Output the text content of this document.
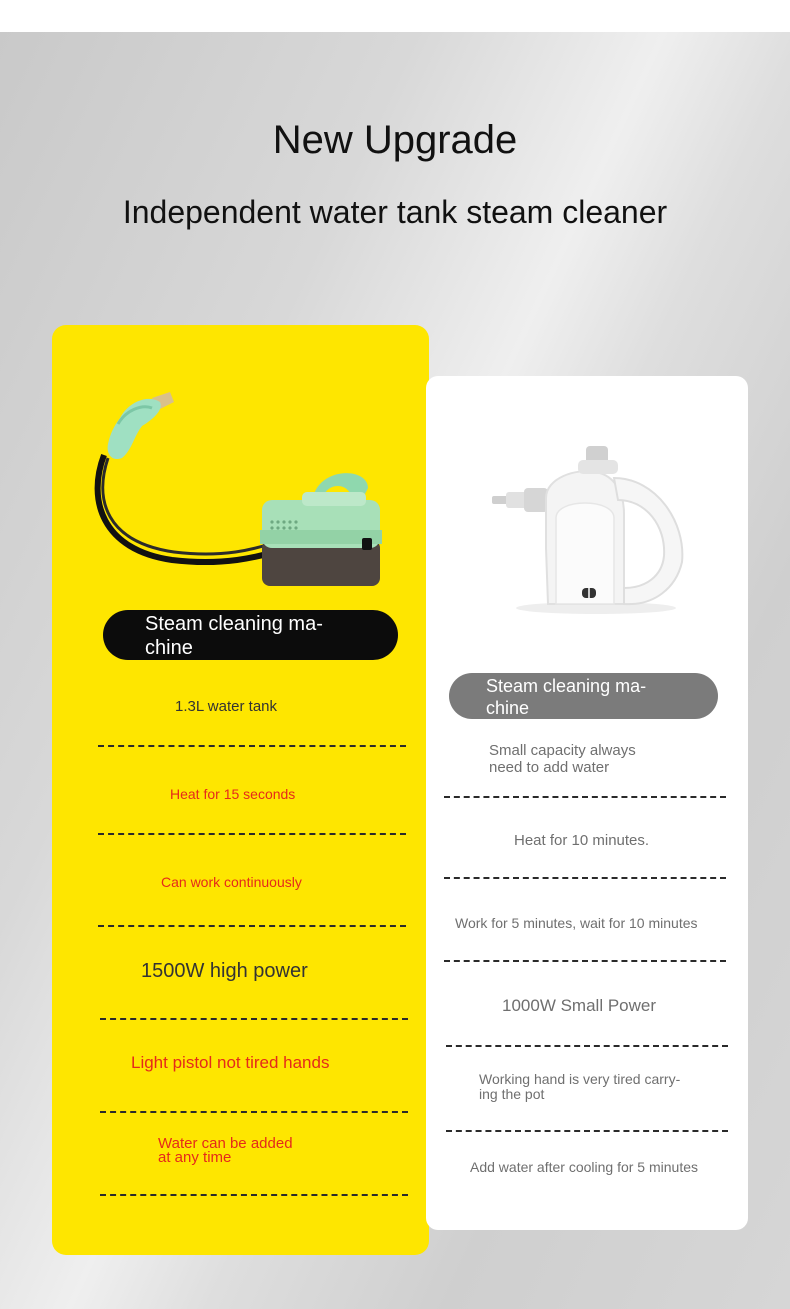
New Upgrade
Independent water tank steam cleaner
Steam cleaning ma-
chine
1.3L water tank
Heat for 15 seconds
Can work continuously
1500W high power
Light pistol not tired hands
Water can be added
at any time
Steam cleaning ma-
chine
Small capacity always
need to add water
Heat for 10 minutes.
Work for 5 minutes, wait for 10 minutes
1000W Small Power
Working hand is very tired carry-
ing the pot
Add water after cooling for 5 minutes
